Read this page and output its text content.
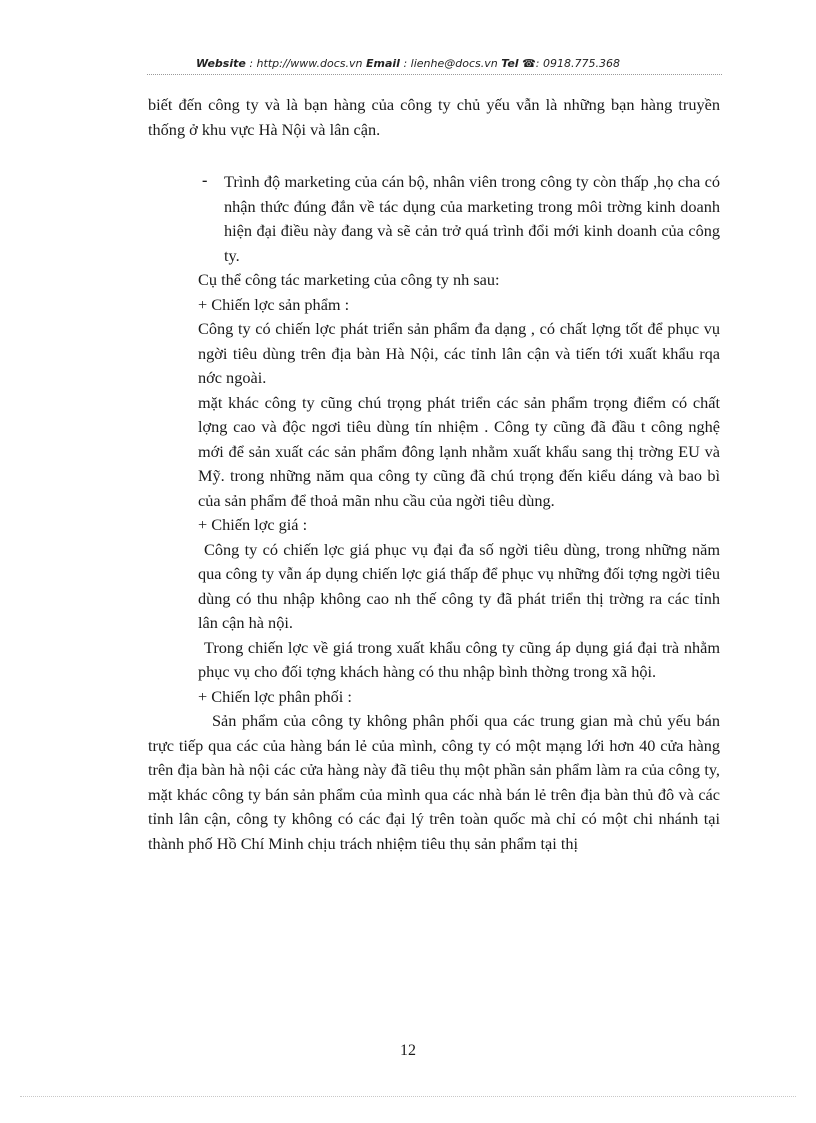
Website : http://www.docs.vn Email : lienhe@docs.vn Tel ☎: 0918.775.368

biết đến công ty và là bạn hàng của công ty chủ yếu vẫn là những bạn hàng truyền thống ở khu vực Hà Nội và lân cận.

- Trình độ marketing của cán bộ, nhân viên trong công ty còn thấp ,họ cha có nhận thức đúng đắn về tác dụng của marketing trong môi trờng kinh doanh hiện đại điều này đang và sẽ cản trở quá trình đổi mới kinh doanh của công ty.

Cụ thể công tác marketing của công ty nh sau:

+ Chiến lợc sản phẩm :

Công ty có chiến lợc phát triển sản phẩm đa dạng , có chất lợng tốt để phục vụ ngời tiêu dùng trên địa bàn Hà Nội, các tỉnh lân cận và tiến tới xuất khẩu rqa nớc ngoài.

mặt khác công ty cũng chú trọng phát triển các sản phẩm trọng điểm có chất lợng cao và độc ngơi tiêu dùng tín nhiệm . Công ty cũng đã đầu t công nghệ mới để sản xuất các sản phẩm đông lạnh nhằm xuất khẩu sang thị trờng EU và Mỹ. trong những năm qua công ty cũng đã chú trọng đến kiểu dáng và bao bì của sản phẩm để thoả mãn nhu cầu của ngời tiêu dùng.

+ Chiến lợc giá :

Công ty có chiến lợc giá phục vụ đại đa số ngời tiêu dùng, trong những năm qua công ty vẫn áp dụng chiến lợc giá thấp để phục vụ những đối tợng ngời tiêu dùng có thu nhập không cao nh thế công ty đã phát triển thị trờng ra các tỉnh lân cận hà nội.

Trong chiến lợc về giá trong xuất khẩu công ty cũng áp dụng giá đại trà nhằm phục vụ cho đối tợng khách hàng có thu nhập bình thờng trong xã hội.

+ Chiến lợc phân phối :

Sản phẩm của công ty không phân phối qua các trung gian mà chủ yếu bán trực tiếp qua các của hàng bán lẻ của mình, công ty có một mạng lới hơn 40 cửa hàng trên địa bàn hà nội các cửa hàng này đã tiêu thụ một phần sản phẩm làm ra của công ty, mặt khác công ty bán sản phẩm của mình qua các nhà bán lẻ trên địa bàn thủ đô và các tỉnh lân cận, công ty không có các đại lý trên toàn quốc mà chỉ có một chi nhánh tại thành phố Hồ Chí Minh chịu trách nhiệm tiêu thụ sản phẩm tại thị

12
